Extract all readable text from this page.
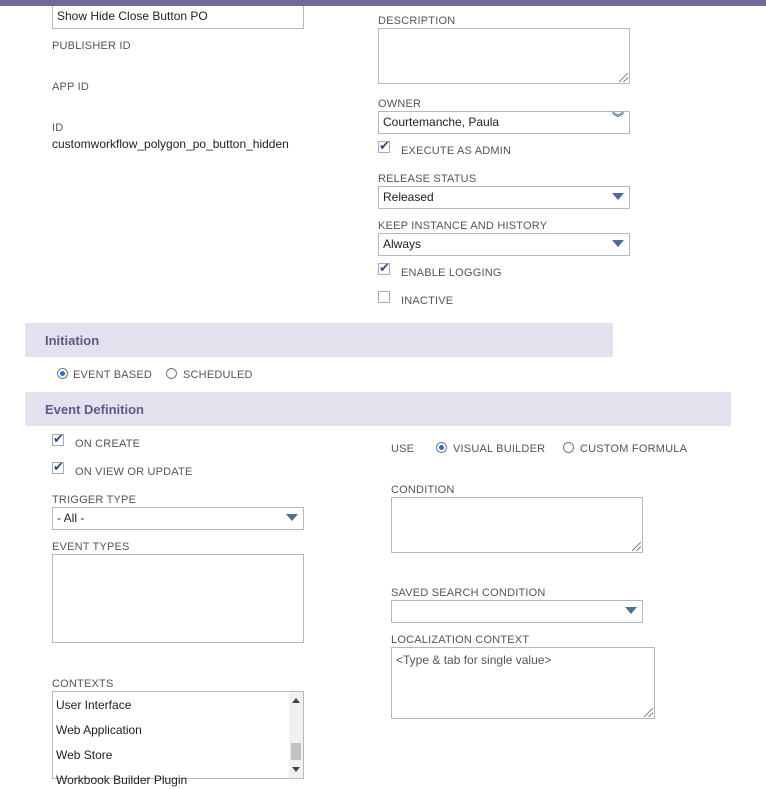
Show Hide Close Button PO
PUBLISHER ID
APP ID
ID
customworkflow_polygon_po_button_hidden
DESCRIPTION
OWNER
Courtemanche, Paula	︾
✔
EXECUTE AS ADMIN
RELEASE STATUS
Released
KEEP INSTANCE AND HISTORY
Always
✔
ENABLE LOGGING
INACTIVE
Initiation
EVENT BASED	SCHEDULED
Event Definition
✔
ON CREATE
✔
ON VIEW OR UPDATE
TRIGGER TYPE
- All -
EVENT TYPES
CONTEXTS
User Interface
Web Application
Web Store
Workbook Builder Plugin
USE	VISUAL BUILDER	CUSTOM FORMULA
CONDITION
SAVED SEARCH CONDITION
LOCALIZATION CONTEXT
<Type & tab for single value>
